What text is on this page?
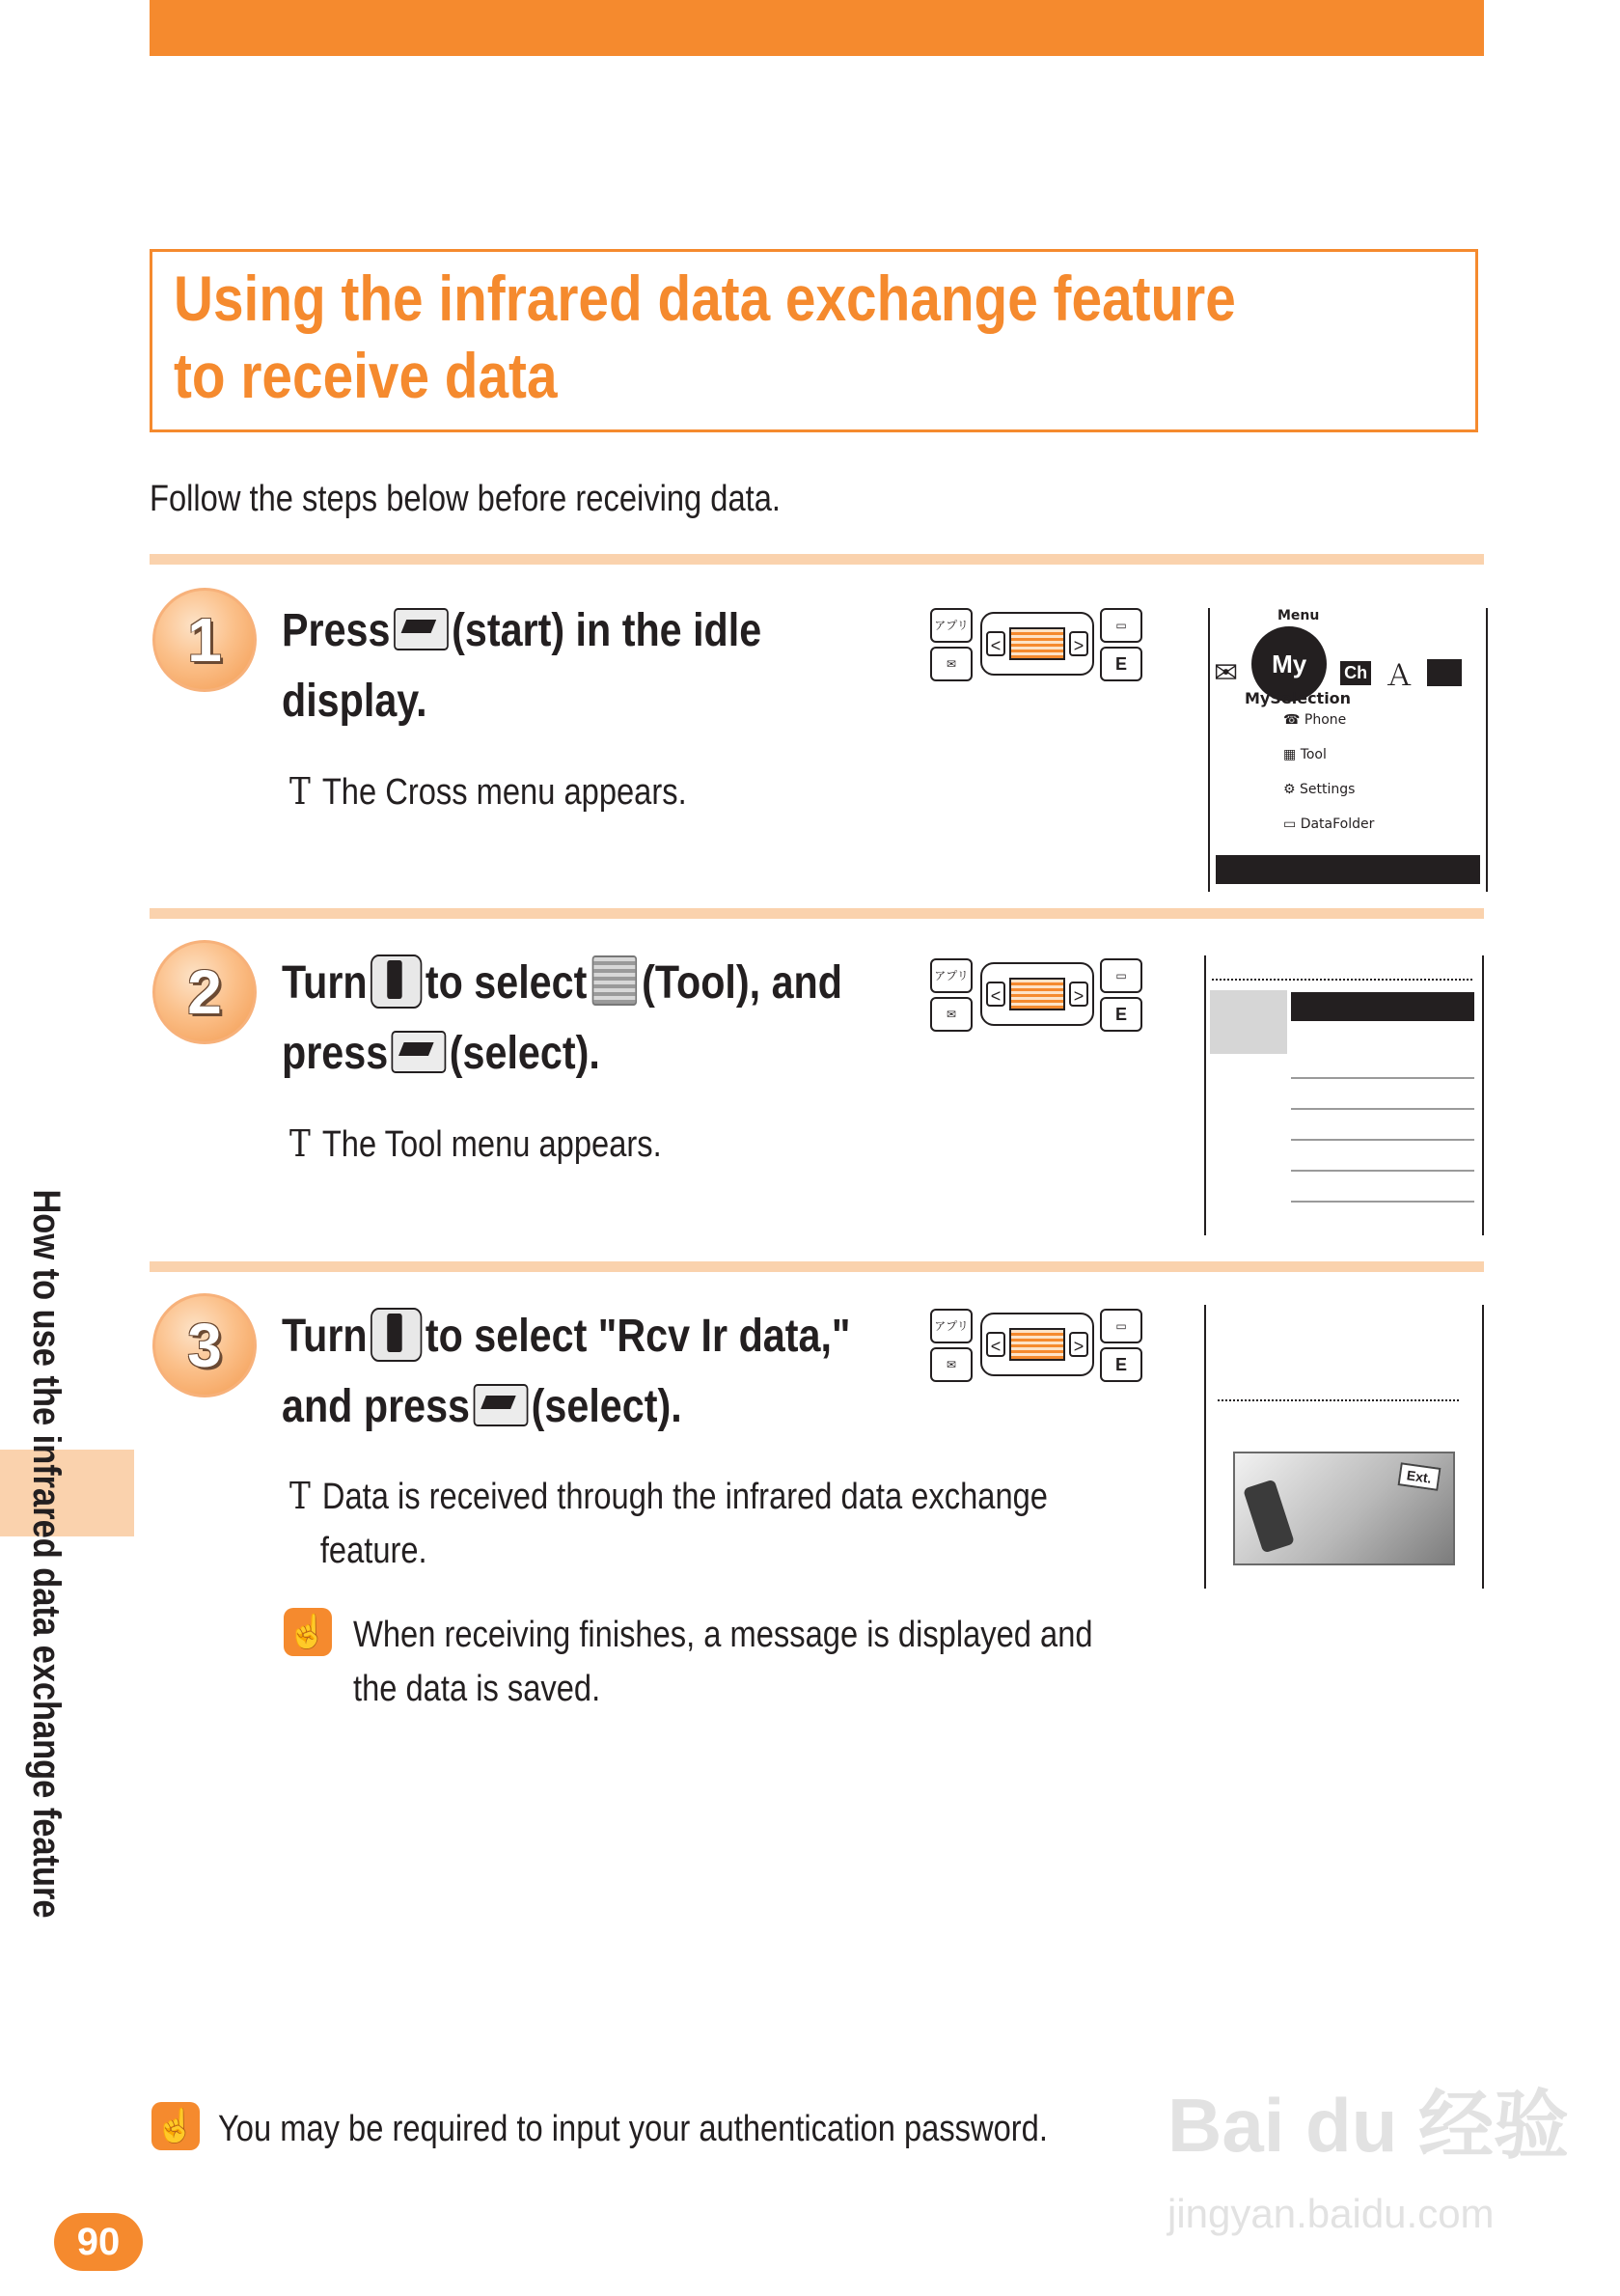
Using the infrared data exchange feature
to receive data
Follow the steps below before receiving data.
1 Press (start) in the idle
display.
T The Cross menu appears.
アプリ
✉
<	>
▭
E	✉	My	Ch Ａ
Menu
MySelection
☎ Phone
▦ Tool
⚙ Settings
▭ DataFolder
2 Turn to select (Tool), and
press (select).
T The Tool menu appears.
アプリ
✉
<	>
▭
E
3 Turn to select "Rcv Ir data,"
and press (select).
T Data is received through the infrared data exchange
feature.
☝ When receiving finishes, a message is displayed and
the data is saved.
アプリ
✉
<	>
▭
E
Ext.
☝ You may be required to input your authentication password.
How to use the infrared data exchange feature
90
Bai du 经验
jingyan.baidu.com
